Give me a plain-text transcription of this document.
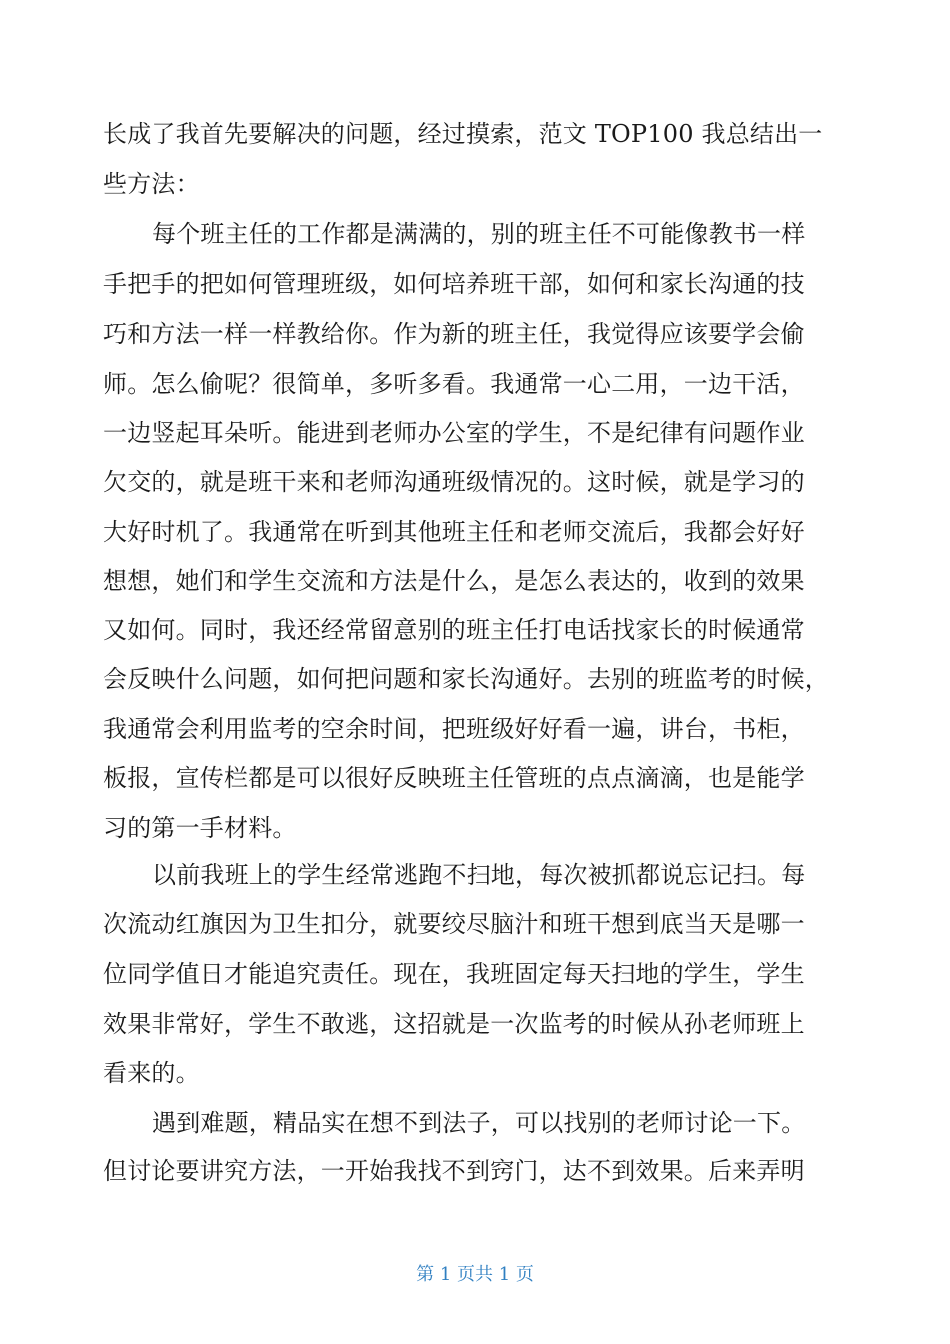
长成了我首先要解决的问题，经过摸索，范文 TOP100 我总结出一
些方法：
每个班主任的工作都是满满的，别的班主任不可能像教书一样
手把手的把如何管理班级，如何培养班干部，如何和家长沟通的技
巧和方法一样一样教给你。作为新的班主任，我觉得应该要学会偷
师。怎么偷呢？很简单，多听多看。我通常一心二用，一边干活，
一边竖起耳朵听。能进到老师办公室的学生，不是纪律有问题作业
欠交的，就是班干来和老师沟通班级情况的。这时候，就是学习的
大好时机了。我通常在听到其他班主任和老师交流后，我都会好好
想想，她们和学生交流和方法是什么，是怎么表达的，收到的效果
又如何。同时，我还经常留意别的班主任打电话找家长的时候通常
会反映什么问题，如何把问题和家长沟通好。去别的班监考的时候，
我通常会利用监考的空余时间，把班级好好看一遍，讲台，书柜，
板报，宣传栏都是可以很好反映班主任管班的点点滴滴，也是能学
习的第一手材料。
以前我班上的学生经常逃跑不扫地，每次被抓都说忘记扫。每
次流动红旗因为卫生扣分，就要绞尽脑汁和班干想到底当天是哪一
位同学值日才能追究责任。现在，我班固定每天扫地的学生，学生
效果非常好，学生不敢逃，这招就是一次监考的时候从孙老师班上
看来的。
遇到难题，精品实在想不到法子，可以找别的老师讨论一下。
但讨论要讲究方法，一开始我找不到窍门，达不到效果。后来弄明
第 1 页共 1 页
